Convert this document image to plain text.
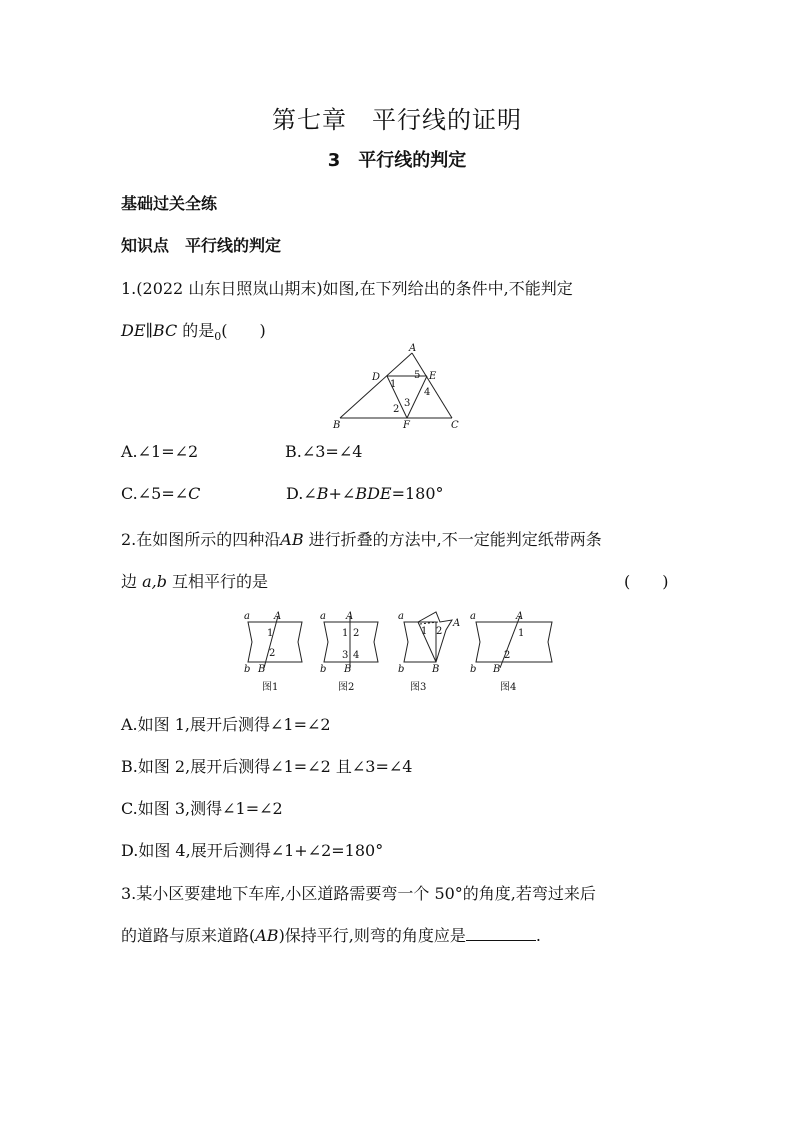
第七章　平行线的证明
3　平行线的判定
基础过关全练
知识点　平行线的判定
1.(2022 山东日照岚山期末)如图,在下列给出的条件中,不能判定
DE∥BC 的是$_0$(　　)
A
B	C
D	E
F
1
2
3
4
5
A.∠1=∠2	B.∠3=∠4
C.∠5=∠C	D.∠B+∠BDE=180°
2.在如图所示的四种沿AB 进行折叠的方法中,不一定能判定纸带两条
边 a,b 互相平行的是	(　　)
a
b
A
B
a
b
A
B
a
b
A
B
a
b
A
B
1
2
1 2
3 4
1 2	1
2
图1	图2	图3	图4
A.如图 1,展开后测得∠1=∠2
B.如图 2,展开后测得∠1=∠2 且∠3=∠4
C.如图 3,测得∠1=∠2
D.如图 4,展开后测得∠1+∠2=180°
3.某小区要建地下车库,小区道路需要弯一个 50°的角度,若弯过来后
的道路与原来道路(AB)保持平行,则弯的角度应是	.
